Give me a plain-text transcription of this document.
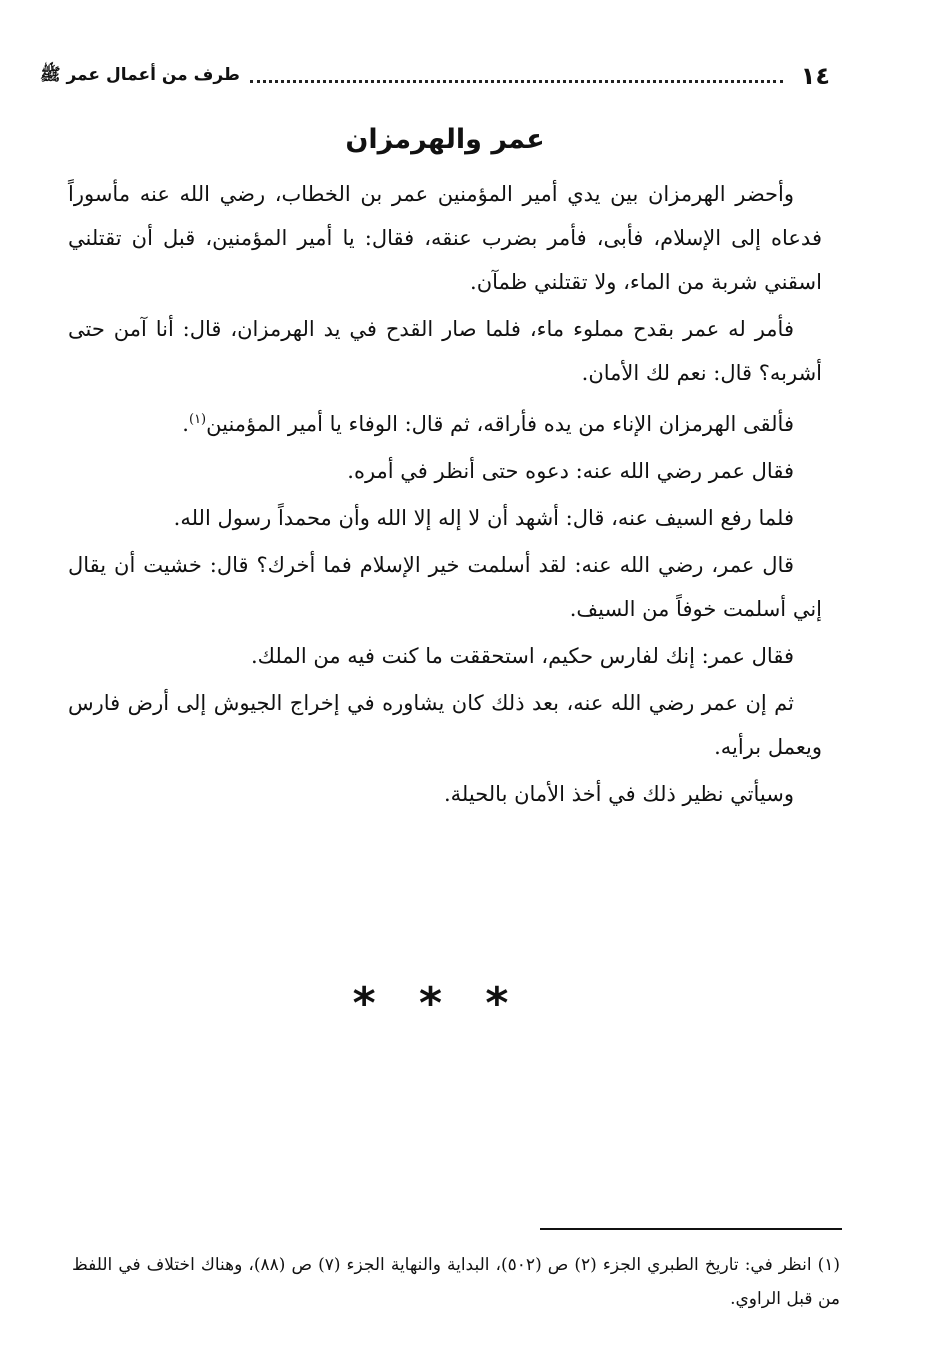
١٤
طرف من أعمال عمر ﷺ
عمر والهرمزان

وأحضر الهرمزان بين يدي أمير المؤمنين عمر بن الخطاب، رضي الله عنه مأسوراً فدعاه إلى الإسلام، فأبى، فأمر بضرب عنقه، فقال: يا أمير المؤمنين، قبل أن تقتلني اسقني شربة من الماء، ولا تقتلني ظمآن.

فأمر له عمر بقدح مملوء ماء، فلما صار القدح في يد الهرمزان، قال: أنا آمن حتى أشربه؟ قال: نعم لك الأمان.

فألقى الهرمزان الإناء من يده فأراقه، ثم قال: الوفاء يا أمير المؤمنين$^{(١)}$.

فقال عمر رضي الله عنه: دعوه حتى أنظر في أمره.

فلما رفع السيف عنه، قال: أشهد أن لا إله إلا الله وأن محمداً رسول الله.

قال عمر، رضي الله عنه: لقد أسلمت خير الإسلام فما أخرك؟ قال: خشيت أن يقال إني أسلمت خوفاً من السيف.

فقال عمر: إنك لفارس حكيم، استحققت ما كنت فيه من الملك.

ثم إن عمر رضي الله عنه، بعد ذلك كان يشاوره في إخراج الجيوش إلى أرض فارس ويعمل برأيه.

وسيأتي نظير ذلك في أخذ الأمان بالحيلة.

* * *

(١) انظر في: تاريخ الطبري الجزء (٢) ص (٥٠٢)، البداية والنهاية الجزء (٧) ص (٨٨)، وهناك اختلاف في اللفظ من قبل الراوي.
